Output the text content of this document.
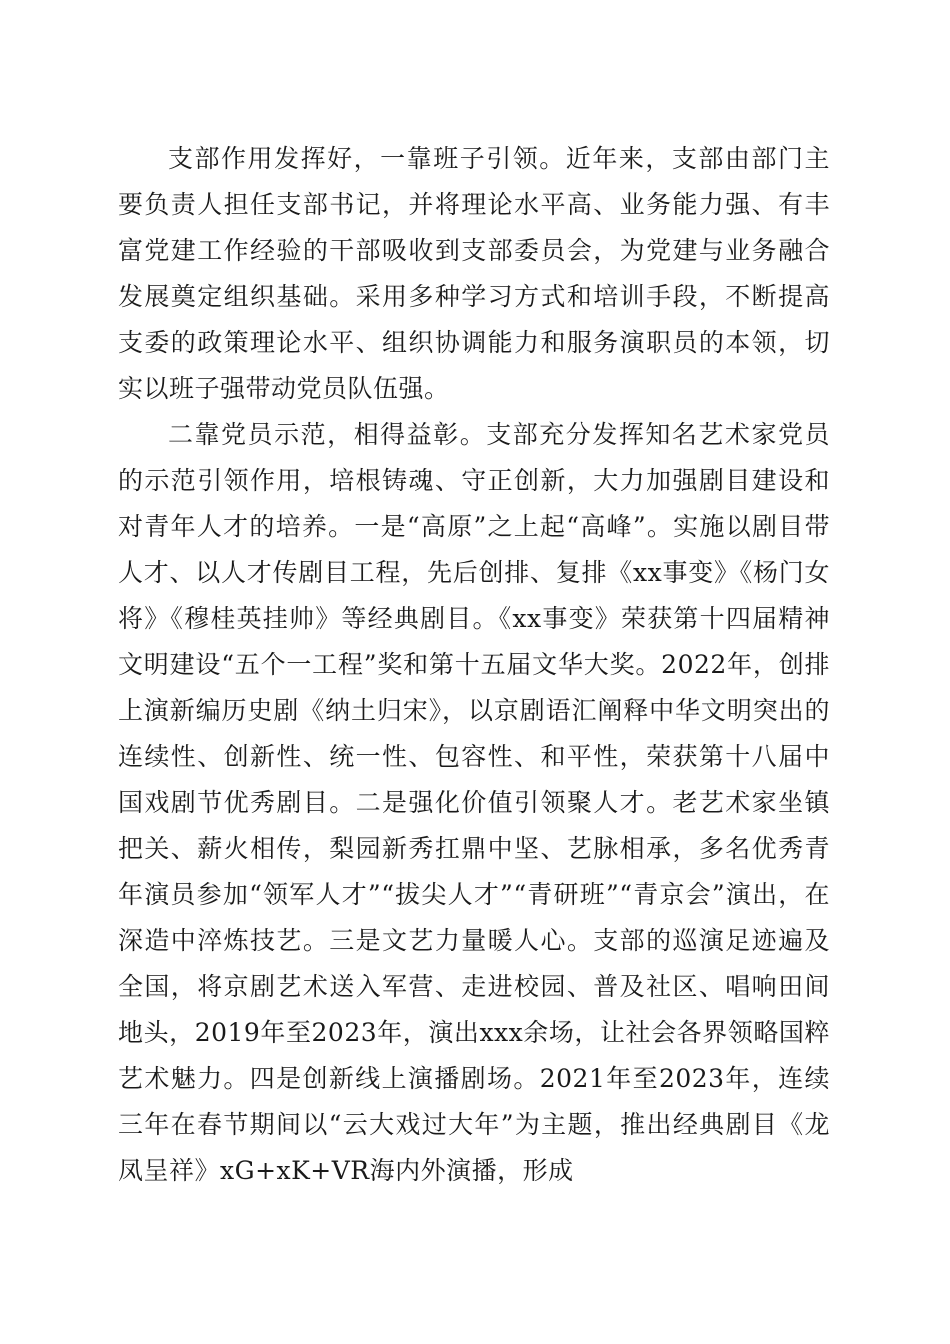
支部作用发挥好，一靠班子引领。近年来，支部由部门主要负责人担任支部书记，并将理论水平高、业务能力强、有丰富党建工作经验的干部吸收到支部委员会，为党建与业务融合发展奠定组织基础。采用多种学习方式和培训手段，不断提高支委的政策理论水平、组织协调能力和服务演职员的本领，切实以班子强带动党员队伍强。

二靠党员示范，相得益彰。支部充分发挥知名艺术家党员的示范引领作用，培根铸魂、守正创新，大力加强剧目建设和对青年人才的培养。一是“高原”之上起“高峰”。实施以剧目带人才、以人才传剧目工程，先后创排、复排《xx事变》《杨门女将》《穆桂英挂帅》等经典剧目。《xx事变》荣获第十四届精神文明建设“五个一工程”奖和第十五届文华大奖。2022年，创排上演新编历史剧《纳土归宋》，以京剧语汇阐释中华文明突出的连续性、创新性、统一性、包容性、和平性，荣获第十八届中国戏剧节优秀剧目。二是强化价值引领聚人才。老艺术家坐镇把关、薪火相传，梨园新秀扛鼎中坚、艺脉相承，多名优秀青年演员参加“领军人才”“拔尖人才”“青研班”“青京会”演出，在深造中淬炼技艺。三是文艺力量暖人心。支部的巡演足迹遍及全国，将京剧艺术送入军营、走进校园、普及社区、唱响田间地头，2019年至2023年，演出xxx余场，让社会各界领略国粹艺术魅力。四是创新线上演播剧场。2021年至2023年，连续三年在春节期间以“云大戏过大年”为主题，推出经典剧目《龙凤呈祥》xG+xK+VR海内外演播，形成
